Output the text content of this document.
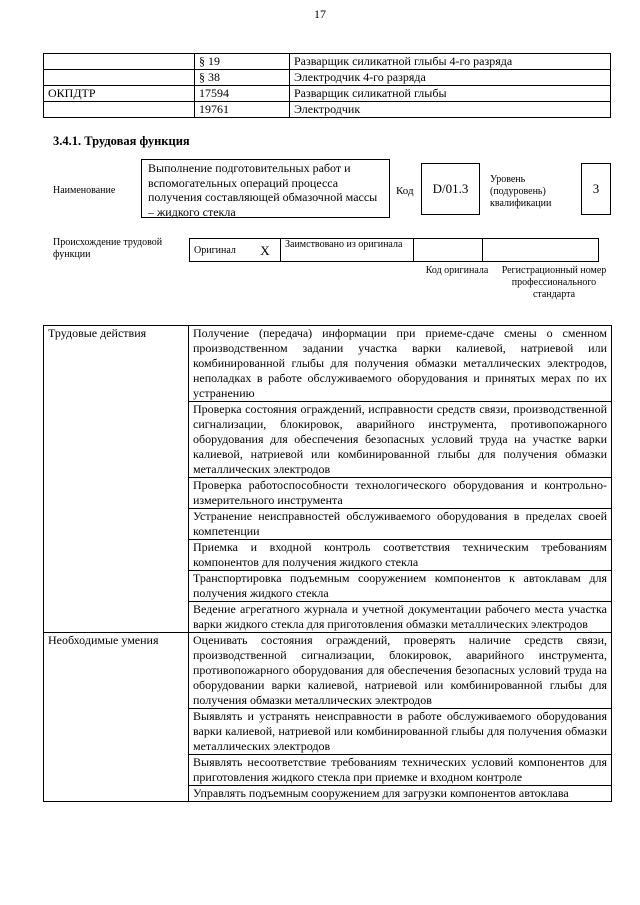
17
	§ 19	Разварщик силикатной глыбы 4-го разряда
	§ 38	Электродчик 4-го разряда
ОКПДТР	17594	Разварщик силикатной глыбы
	19761	Электродчик
3.4.1. Трудовая функция
Наименование
Выполнение подготовительных работ и вспомогательных операций процесса получения составляющей обмазочной массы – жидкого стекла
Код	D/01.3
Уровень (подуровень) квалификации
3
Происхождение трудовой функции	Оригинал	X	Заимствовано из оригинала		
Код оригинала	Регистрационный номер профессионального стандарта
Трудовые действия	Получение (передача) информации при приеме-сдаче смены о сменном производственном задании участка варки калиевой, натриевой или комбинированной глыбы для получения обмазки металлических электродов, неполадках в работе обслуживаемого оборудования и принятых мерах по их устранению
	Проверка состояния ограждений, исправности средств связи, производственной сигнализации, блокировок, аварийного инструмента, противопожарного оборудования для обеспечения безопасных условий труда на участке варки калиевой, натриевой или комбинированной глыбы для получения обмазки металлических электродов
	Проверка работоспособности технологического оборудования и контрольно-измерительного инструмента
	Устранение неисправностей обслуживаемого оборудования в пределах своей компетенции
	Приемка и входной контроль соответствия техническим требованиям компонентов для получения жидкого стекла
	Транспортировка подъемным сооружением компонентов к автоклавам для получения жидкого стекла
	Ведение агрегатного журнала и учетной документации рабочего места участка варки жидкого стекла для приготовления обмазки металлических электродов
Необходимые умения	Оценивать состояния ограждений, проверять наличие средств связи, производственной сигнализации, блокировок, аварийного инструмента, противопожарного оборудования для обеспечения безопасных условий труда на оборудовании варки калиевой, натриевой или комбинированной глыбы для получения обмазки металлических электродов
	Выявлять и устранять неисправности в работе обслуживаемого оборудования варки калиевой, натриевой или комбинированной глыбы для получения обмазки металлических электродов
	Выявлять несоответствие требованиям технических условий компонентов для приготовления жидкого стекла при приемке и входном контроле
	Управлять подъемным сооружением для загрузки компонентов автоклава
